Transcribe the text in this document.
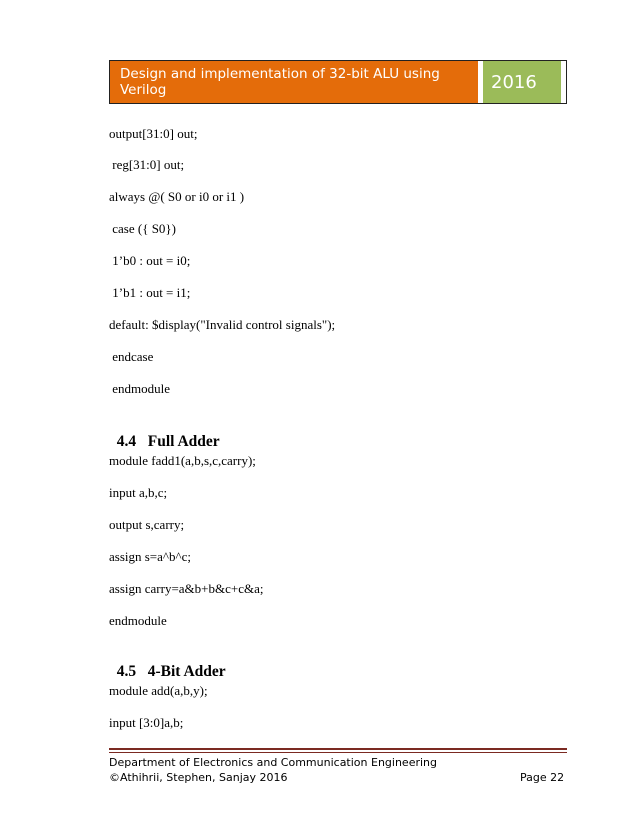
Design and implementation of 32-bit ALU using Verilog	2016
output[31:0] out;
reg[31:0] out;
always @( S0 or i0 or i1 )
case ({ S0})
1’b0 : out = i0;
1’b1 : out = i1;
default: $display("Invalid control signals");
endcase
endmodule

4.4 Full Adder

module fadd1(a,b,s,c,carry);
input a,b,c;
output s,carry;
assign s=a^b^c;
assign carry=a&b+b&c+c&a;
endmodule

4.5 4-Bit Adder

module add(a,b,y);
input [3:0]a,b;
Department of Electronics and Communication Engineering
©Athihrii, Stephen, Sanjay 2016	Page 22
